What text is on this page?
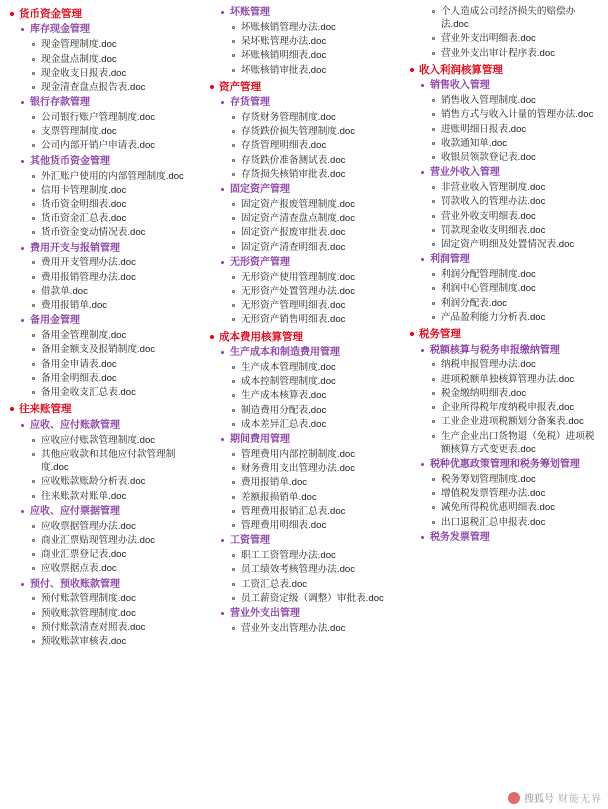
货币资金管理
库存现金管理
现金管理制度.doc
现金盘点制度.doc
现金收支日报表.doc
现金清查盘点报告表.doc
银行存款管理
公司银行账户管理制度.doc
支票管理制度.doc
公司内部开销户申请表.doc
其他货币资金管理
外汇账户使用的内部管理制度.doc
信用卡管理制度.doc
货币资金明细表.doc
货币资金汇总表.doc
货币资金变动情况表.doc
费用开支与报销管理
费用开支管理办法.doc
费用报销管理办法.doc
借款单.doc
费用报销单.doc
备用金管理
备用金管理制度.doc
备用金额支及报销制度.doc
备用金申请表.doc
备用金明细表.doc
备用金收支汇总表.doc
往来账管理
应收、应付账款管理
应收应付账款管理制度.doc
其他应收款和其他应付款管理制度.doc
应收账款账龄分析表.doc
往来账款对账单.doc
应收、应付票据管理
应收票据管理办法.doc
商业汇票贴现管理办法.doc
商业汇票登记表.doc
应收票据点表.doc
预付、预收账款管理
预付账款管理制度.doc
预收账款管理制度.doc
预付账款清查对照表.doc
预收账款审核表.doc
坏账管理
坏账核销管理办法.doc
呆坏账管理办法.doc
坏账核销明细表.doc
坏账核销审批表.doc
资产管理
存货管理
存货财务管理制度.doc
存货跌价损失管理制度.doc
存货管理明细表.doc
存货跌价准备测试表.doc
存货损失核销审批表.doc
固定资产管理
固定资产报废管理制度.doc
固定资产清查盘点制度.doc
固定资产报废审批表.doc
固定资产清查明细表.doc
无形资产管理
无形资产使用管理制度.doc
无形资产处置管理办法.doc
无形资产管理明细表.doc
无形资产销售明细表.doc
成本费用核算管理
生产成本和制造费用管理
生产成本管理制度.doc
成本控制管理制度.doc
生产成本核算表.doc
制造费用分配表.doc
成本差异汇总表.doc
期间费用管理
管理费用内部控制制度.doc
财务费用支出管理办法.doc
费用报销单.doc
差额报损销单.doc
管理费用报销汇总表.doc
管理费用明细表.doc
工资管理
职工工资管理办法.doc
员工绩效考核管理办法.doc
工资汇总表.doc
员工薪资定级（调整）审批表.doc
营业外支出管理
营业外支出管理办法.doc
个人造成公司经济损失的赔偿办法.doc
营业外支出明细表.doc
营业外支出审计程序表.doc
收入利润核算管理
销售收入管理
销售收入管理制度.doc
销售方式与收入计量的管理办法.doc
进账明细日报表.doc
收款通知单.doc
收银员领款登记表.doc
营业外收入管理
非营业收入管理制度.doc
罚款收入的管理办法.doc
营业外收支明细表.doc
罚款现金收支明细表.doc
固定资产明细及处置情况表.doc
利润管理
利润分配管理制度.doc
利润中心管理制度.doc
利润分配表.doc
产品盈利能力分析表.doc
税务管理
税额核算与税务申报缴纳管理
纳税申报管理办法.doc
进项税额单独核算管理办法.doc
税金缴纳明细表.doc
企业所得税年度纳税申报表.doc
工业企业进项税额划分备案表.doc
生产企业出口货物退（免税）进项税额核算方式变更表.doc
税种优惠政策管理和税务筹划管理
税务筹划管理制度.doc
增值税发票管理办法.doc
减免所得税优惠明细表.doc
出口退税汇总申报表.doc
税务发票管理
搜狐号 财能无界
